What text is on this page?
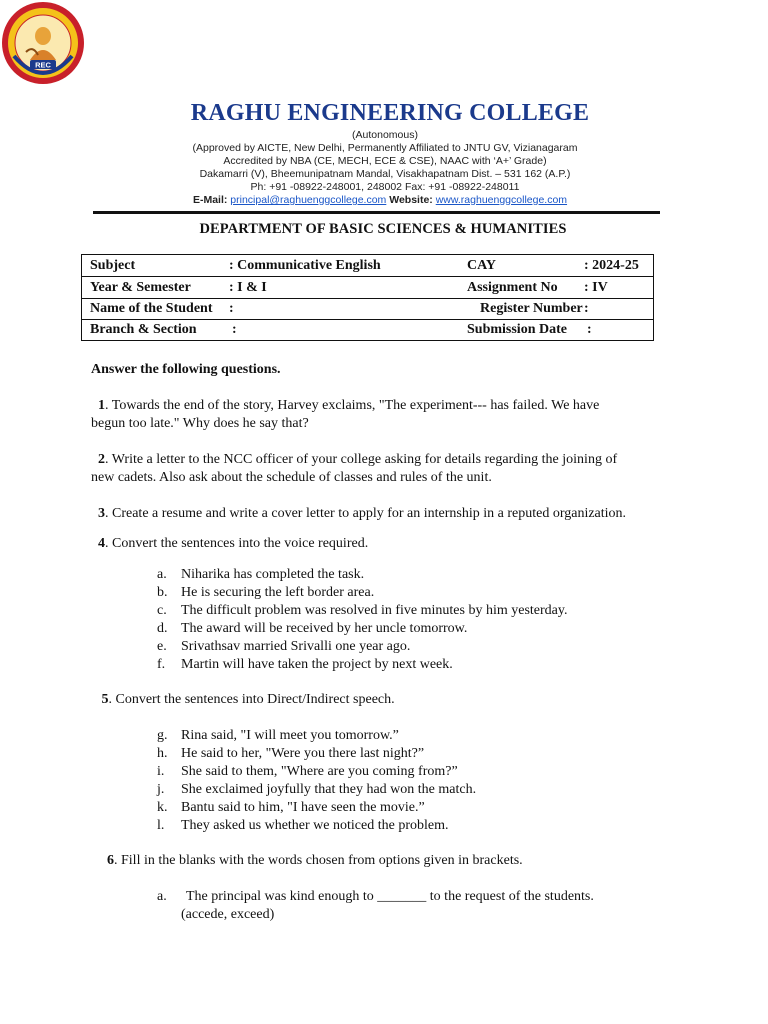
REC
RAGHU ENGINEERING COLLEGE
(Autonomous)
(Approved by AICTE, New Delhi, Permanently Affiliated to JNTU GV, Vizianagaram
Accredited by NBA (CE, MECH, ECE & CSE), NAAC with ‘A+’ Grade)
Dakamarri (V), Bheemunipatnam Mandal, Visakhapatnam Dist. – 531 162 (A.P.)
Ph: +91 -08922-248001, 248002 Fax: +91 -08922-248011
E-Mail: principal@raghuenggcollege.com Website: www.raghuenggcollege.com
DEPARTMENT OF BASIC SCIENCES & HUMANITIES
Subject	: Communicative English	CAY	: 2024-25
Year & Semester	: I & I	Assignment No : IV
Name of the Student :	Register Number :
Branch & Section	:	Submission Date :
Answer the following questions.
1. Towards the end of the story, Harvey exclaims, "The experiment--- has failed. We have
begun too late." Why does he say that?
2. Write a letter to the NCC officer of your college asking for details regarding the joining of
new cadets. Also ask about the schedule of classes and rules of the unit.
3. Create a resume and write a cover letter to apply for an internship in a reputed organization.
4. Convert the sentences into the voice required.
a. Niharika has completed the task.
b. He is securing the left border area.
c. The difficult problem was resolved in five minutes by him yesterday.
d. The award will be received by her uncle tomorrow.
e. Srivathsav married Srivalli one year ago.
f. Martin will have taken the project by next week.
5. Convert the sentences into Direct/Indirect speech.
g. Rina said, "I will meet you tomorrow.”
h. He said to her, "Were you there last night?”
i. She said to them, "Where are you coming from?”
j. She exclaimed joyfully that they had won the match.
k. Bantu said to him, "I have seen the movie.”
l. They asked us whether we noticed the problem.
6. Fill in the blanks with the words chosen from options given in brackets.
a. The principal was kind enough to _______ to the request of the students.
(accede, exceed)
